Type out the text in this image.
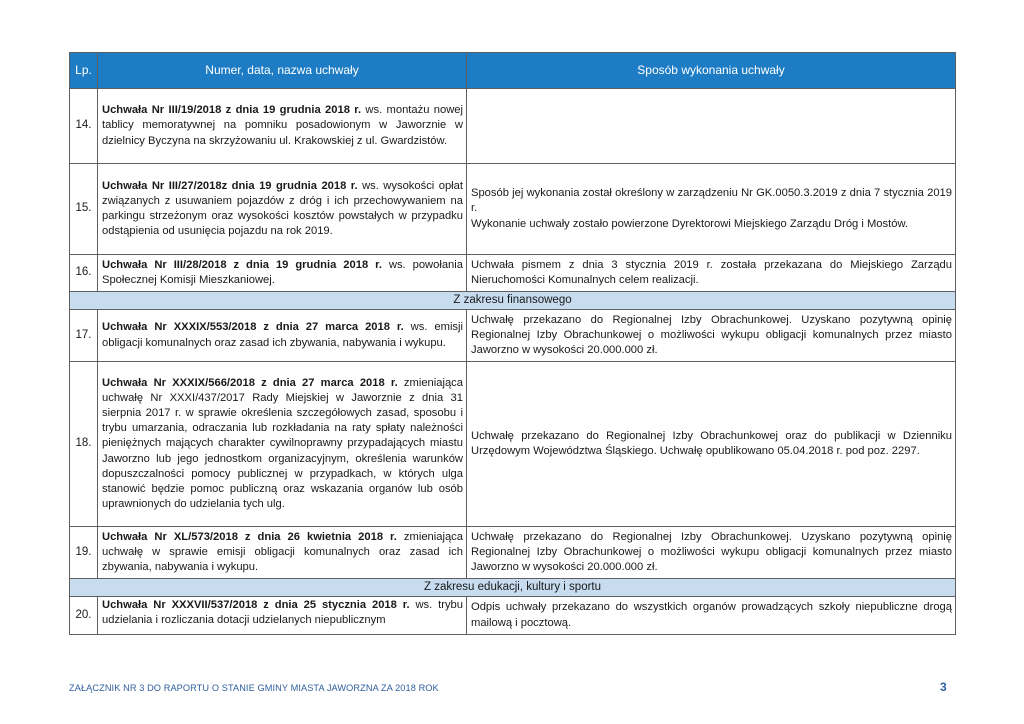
Lp.	Numer, data, nazwa uchwały	Sposób wykonania uchwały
14.	Uchwała Nr III/19/2018 z dnia 19 grudnia 2018 r. ws. montażu nowej tablicy memoratywnej na pomniku posadowionym w Jaworznie w dzielnicy Byczyna na skrzyżowaniu ul. Krakowskiej z ul. Gwardzistów.	
15.	Uchwała Nr III/27/2018z dnia 19 grudnia 2018 r. ws. wysokości opłat związanych z usuwaniem pojazdów z dróg i ich przechowywaniem na parkingu strzeżonym oraz wysokości kosztów powstałych w przypadku odstąpienia od usunięcia pojazdu na rok 2019.	Sposób jej wykonania został określony w zarządzeniu Nr GK.0050.3.2019 z dnia 7 stycznia 2019 r.
Wykonanie uchwały zostało powierzone Dyrektorowi Miejskiego Zarządu Dróg i Mostów.
16.	Uchwała Nr III/28/2018 z dnia 19 grudnia 2018 r. ws. powołania Społecznej Komisji Mieszkaniowej.	Uchwała pismem z dnia 3 stycznia 2019 r. została przekazana do Miejskiego Zarządu Nieruchomości Komunalnych celem realizacji.
Z zakresu finansowego		
17.	Uchwała Nr XXXIX/553/2018 z dnia 27 marca 2018 r. ws. emisji obligacji komunalnych oraz zasad ich zbywania, nabywania i wykupu.	Uchwałę przekazano do Regionalnej Izby Obrachunkowej. Uzyskano pozytywną opinię Regionalnej Izby Obrachunkowej o możliwości wykupu obligacji komunalnych przez miasto Jaworzno w wysokości 20.000.000 zł.
18.	Uchwała Nr XXXIX/566/2018 z dnia 27 marca 2018 r. zmieniająca uchwałę Nr XXXI/437/2017 Rady Miejskiej w Jaworznie z dnia 31 sierpnia 2017 r. w sprawie określenia szczegółowych zasad, sposobu i trybu umarzania, odraczania lub rozkładania na raty spłaty należności pieniężnych mających charakter cywilnoprawny przypadających miastu Jaworzno lub jego jednostkom organizacyjnym, określenia warunków dopuszczalności pomocy publicznej w przypadkach, w których ulga stanowić będzie pomoc publiczną oraz wskazania organów lub osób uprawnionych do udzielania tych ulg.	Uchwałę przekazano do Regionalnej Izby Obrachunkowej oraz do publikacji w Dzienniku Urzędowym Województwa Śląskiego. Uchwałę opublikowano 05.04.2018 r. pod poz. 2297.
19.	Uchwała Nr XL/573/2018 z dnia 26 kwietnia 2018 r. zmieniająca uchwałę w sprawie emisji obligacji komunalnych oraz zasad ich zbywania, nabywania i wykupu.	Uchwałę przekazano do Regionalnej Izby Obrachunkowej. Uzyskano pozytywną opinię Regionalnej Izby Obrachunkowej o możliwości wykupu obligacji komunalnych przez miasto Jaworzno w wysokości 20.000.000 zł.
Z zakresu edukacji, kultury i sportu		
20.	Uchwała Nr XXXVII/537/2018 z dnia 25 stycznia 2018 r. ws. trybu udzielania i rozliczania dotacji udzielanych niepublicznym	Odpis uchwały przekazano do wszystkich organów prowadzących szkoły niepubliczne drogą mailową i pocztową.
ZAŁĄCZNIK NR 3 DO RAPORTU O STANIE GMINY MIASTA JAWORZNA ZA 2018 ROK	3
